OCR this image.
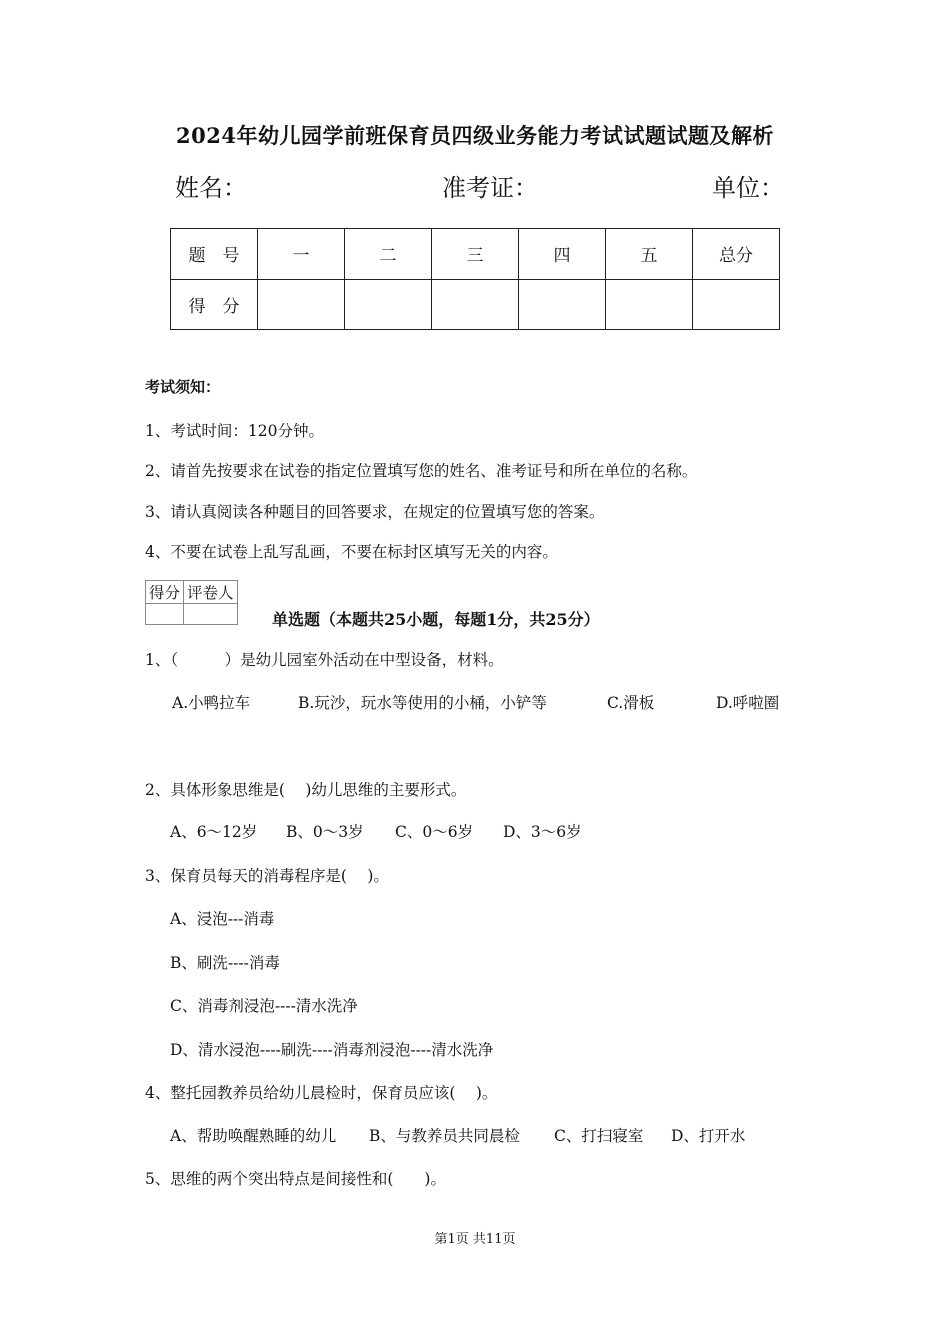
2024年幼儿园学前班保育员四级业务能力考试试题试题及解析
姓名：	准考证：	单位：
题　号	一	二	三	四	五	总分
得　分						
考试须知：
1、考试时间：120分钟。
2、请首先按要求在试卷的指定位置填写您的姓名、准考证号和所在单位的名称。
3、请认真阅读各种题目的回答要求，在规定的位置填写您的答案。
4、不要在试卷上乱写乱画，不要在标封区填写无关的内容。
得分	评卷人

单选题（本题共25小题，每题1分，共25分）
1、（　　　）是幼儿园室外活动在中型设备，材料。
A.小鸭拉车	B.玩沙，玩水等使用的小桶，小铲等	C.滑板	D.呼啦圈
2、具体形象思维是(　 )幼儿思维的主要形式。
A、6～12岁 B、0～3岁 C、0～6岁 D、3～6岁
3、保育员每天的消毒程序是(　 )。
A、浸泡---消毒
B、刷洗----消毒
C、消毒剂浸泡----清水洗净
D、清水浸泡----刷洗----消毒剂浸泡----清水洗净
4、整托园教养员给幼儿晨检时，保育员应该(　 )。
A、帮助唤醒熟睡的幼儿 B、与教养员共同晨检 C、打扫寝室 D、打开水
5、思维的两个突出特点是间接性和(　　)。
第1页 共11页
